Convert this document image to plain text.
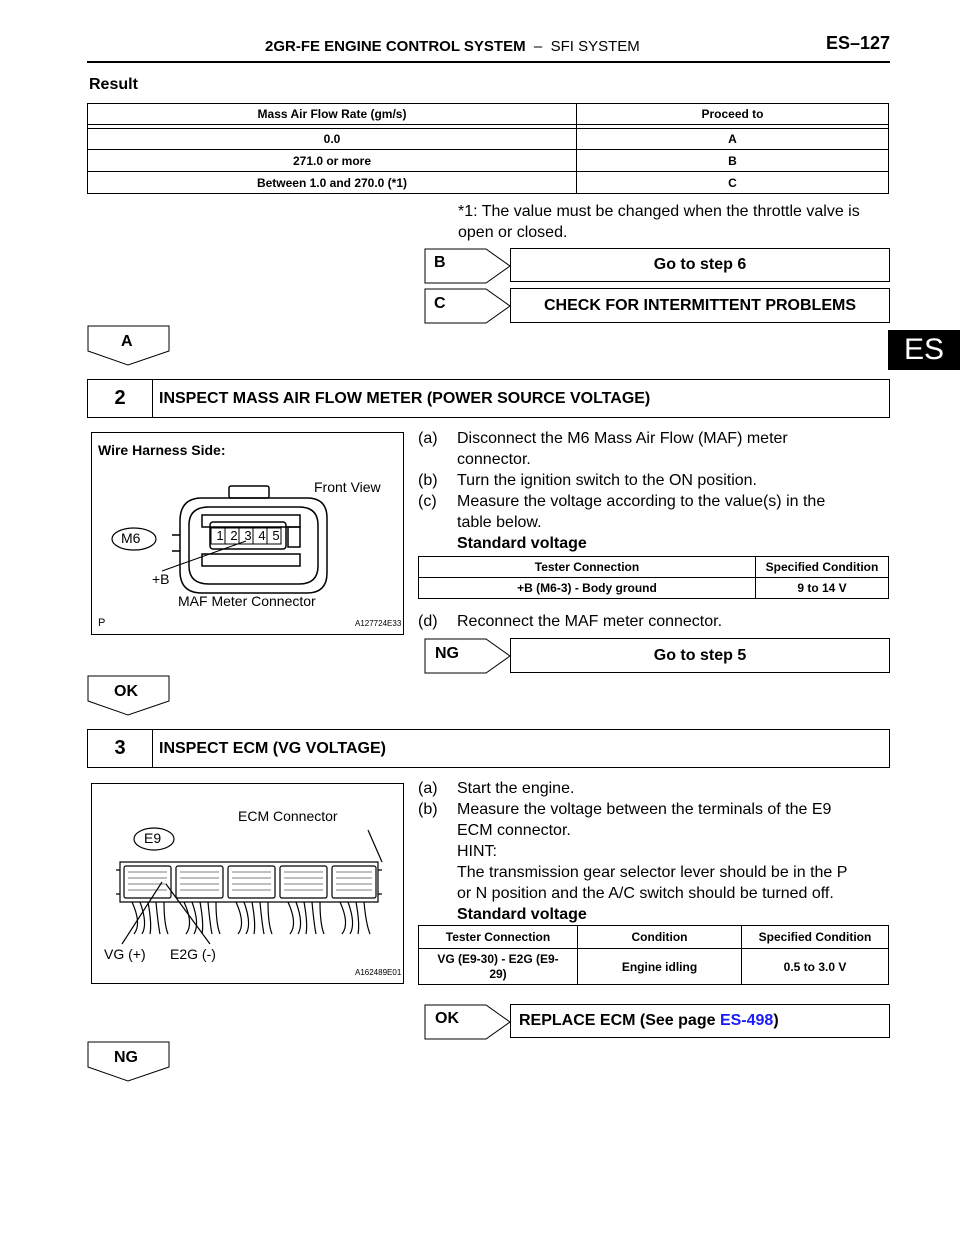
2GR-FE ENGINE CONTROL SYSTEM  –  SFI SYSTEM	ES–127
ES
Result
Mass Air Flow Rate (gm/s)	Proceed to

0.0	A
271.0 or more	B
Between 1.0 and 270.0 (*1)	C
*1: The value must be changed when the throttle valve is
open or closed.
B	Go to step 6
C	CHECK FOR INTERMITTENT PROBLEMS
A
2	INSPECT MASS AIR FLOW METER (POWER SOURCE VOLTAGE)
Wire Harness Side:
Front View
M6	1 2 3 4 5
+B
MAF Meter Connector
P	A127724E33
(a) Disconnect the M6 Mass Air Flow (MAF) meter
connector.
(b) Turn the ignition switch to the ON position.
(c) Measure the voltage according to the value(s) in the
table below.
Standard voltage
Tester Connection	Specified Condition
+B (M6-3) - Body ground	9 to 14 V
(d) Reconnect the MAF meter connector.
NG	Go to step 5
OK
3	INSPECT ECM (VG VOLTAGE)
ECM Connector
E9
VG (+) E2G (-)
A162489E01
(a) Start the engine.
(b) Measure the voltage between the terminals of the E9
ECM connector.
HINT:
The transmission gear selector lever should be in the P
or N position and the A/C switch should be turned off.
Standard voltage
Tester Connection	Condition	Specified Condition

VG (E9-30) - E2G (E9-
29)	Engine idling	0.5 to 3.0 V
OK	REPLACE ECM (See page ES-498 )
NG
